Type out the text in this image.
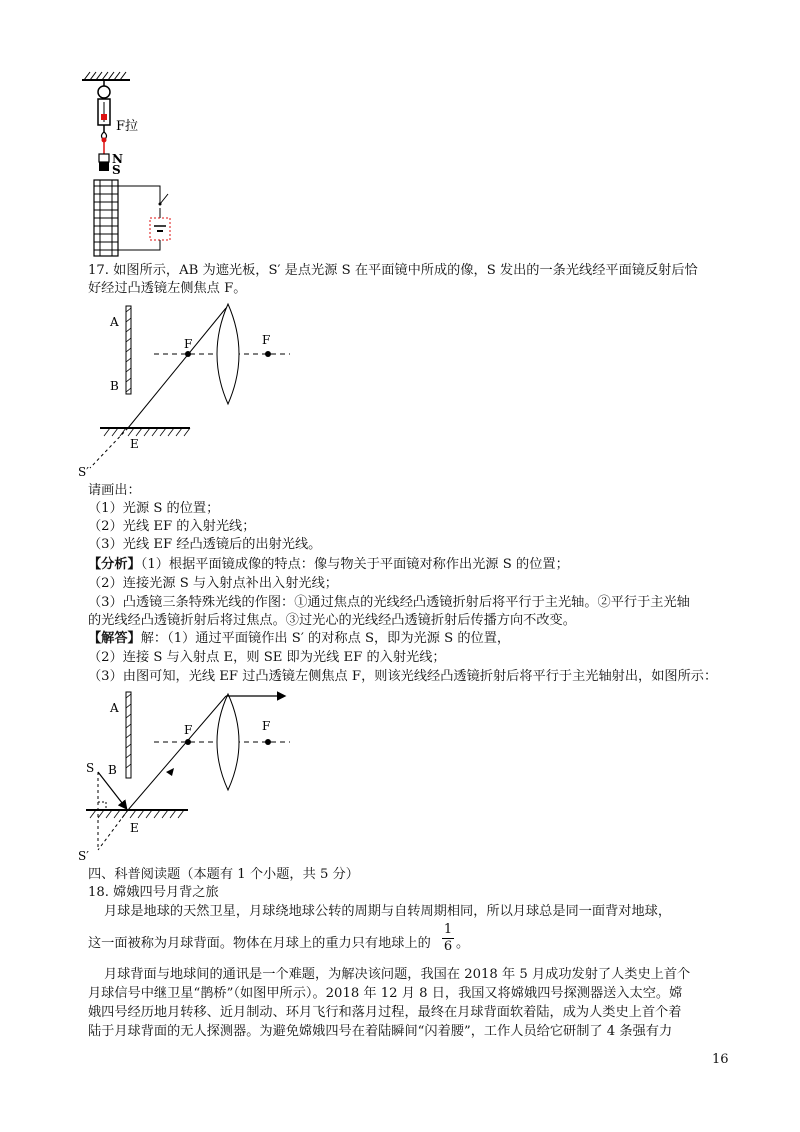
F拉
N
S
17. 如图所示，AB 为遮光板，S′ 是点光源 S 在平面镜中所成的像，S 发出的一条光线经平面镜反射后恰
好经过凸透镜左侧焦点 F。
A
B
F	F
E
S′
请画出：
（1）光源 S 的位置；
（2）光线 EF 的入射光线；
（3）光线 EF 经凸透镜后的出射光线。
【分析】（1）根据平面镜成像的特点：像与物关于平面镜对称作出光源 S 的位置；
（2）连接光源 S 与入射点补出入射光线；
（3）凸透镜三条特殊光线的作图：①通过焦点的光线经凸透镜折射后将平行于主光轴。②平行于主光轴
的光线经凸透镜折射后将过焦点。③过光心的光线经凸透镜折射后传播方向不改变。
【解答】解：（1）通过平面镜作出 S′ 的对称点 S，即为光源 S 的位置，
（2）连接 S 与入射点 E，则 SE 即为光线 EF 的入射光线；
（3）由图可知，光线 EF 过凸透镜左侧焦点 F，则该光线经凸透镜折射后将平行于主光轴射出，如图所示：
A
S B
F	F
E
S′
四、科普阅读题（本题有 1 个小题，共 5 分）
18. 嫦娥四号月背之旅
月球是地球的天然卫星，月球绕地球公转的周期与自转周期相同，所以月球总是同一面背对地球，
这一面被称为月球背面。物体在月球上的重力只有地球上的 $\frac{1}{6}$ 。
月球背面与地球间的通讯是一个难题，为解决该问题，我国在 2018 年 5 月成功发射了人类史上首个
月球信号中继卫星“鹊桥”（如图甲所示）。2018 年 12 月 8 日，我国又将嫦娥四号探测器送入太空。嫦
娥四号经历地月转移、近月制动、环月飞行和落月过程，最终在月球背面软着陆，成为人类史上首个着
陆于月球背面的无人探测器。为避免嫦娥四号在着陆瞬间“闪着腰”，工作人员给它研制了 4 条强有力
16
